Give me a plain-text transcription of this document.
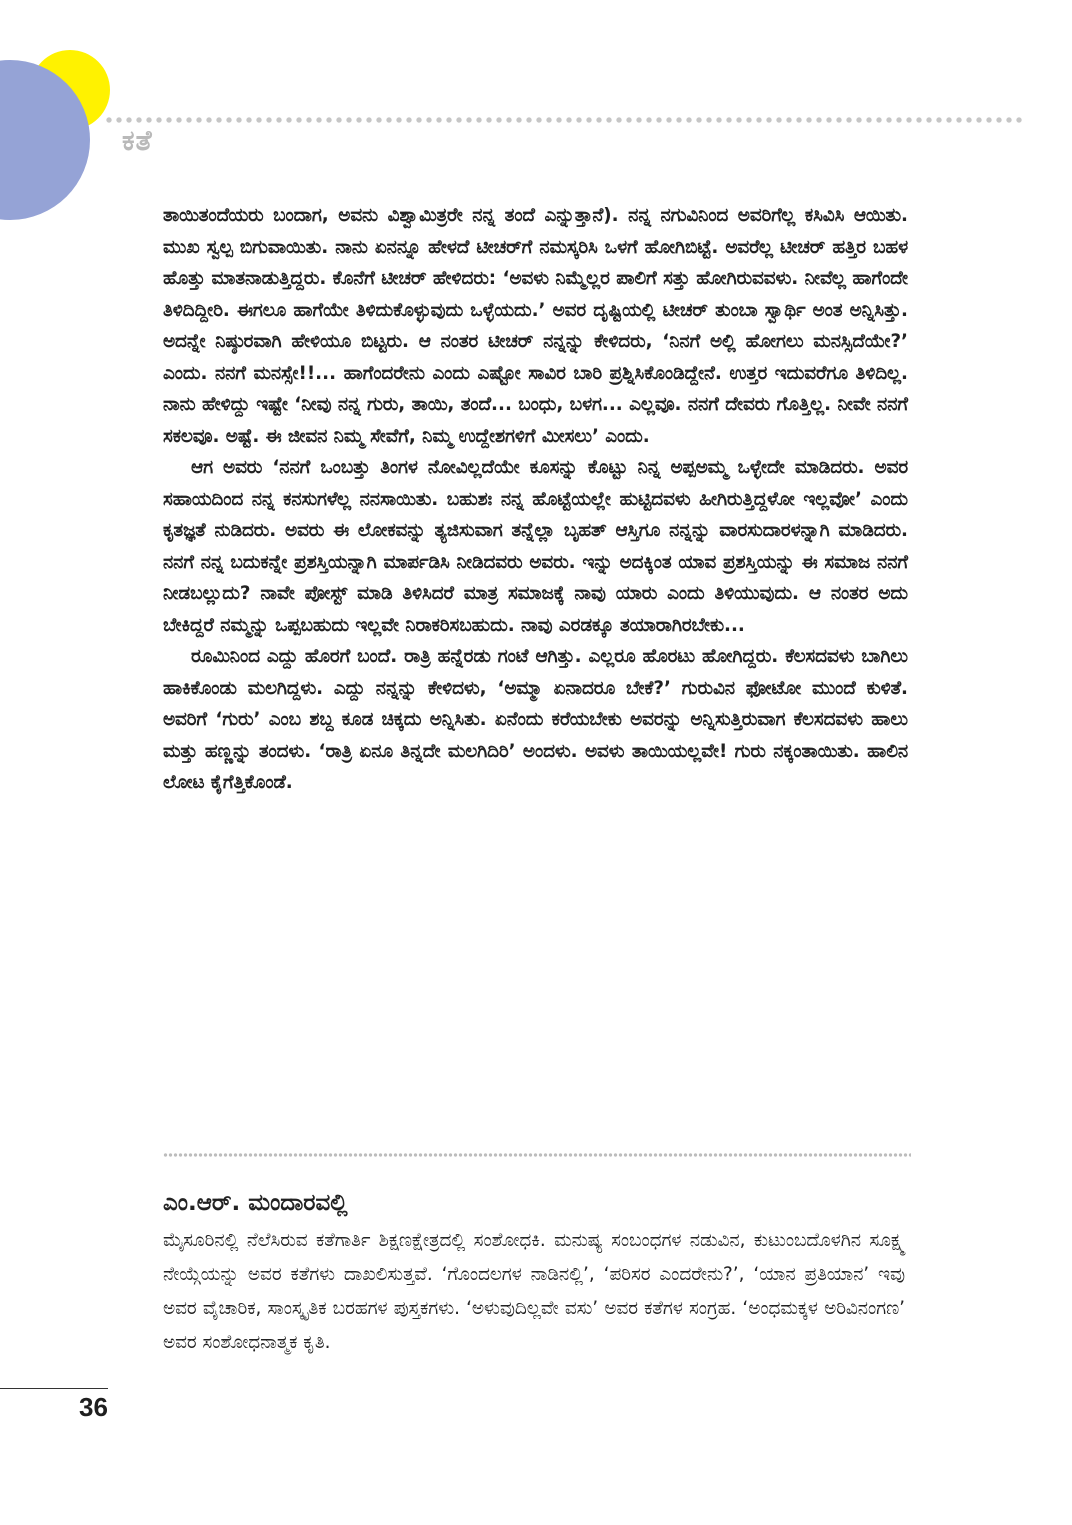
ಕತೆ

ತಾಯಿತಂದೆಯರು ಬಂದಾಗ, ಅವನು ವಿಶ್ವಾಮಿತ್ರರೇ ನನ್ನ ತಂದೆ ಎನ್ನುತ್ತಾನೆ). ನನ್ನ ನಗುವಿನಿಂದ ಅವರಿಗೆಲ್ಲ ಕಸಿವಿಸಿ ಆಯಿತು. ಮುಖ ಸ್ವಲ್ಪ ಬಿಗುವಾಯಿತು. ನಾನು ಏನನ್ನೂ ಹೇಳದೆ ಟೀಚರ್‌ಗೆ ನಮಸ್ಕರಿಸಿ ಒಳಗೆ ಹೋಗಿಬಿಟ್ಟೆ. ಅವರೆಲ್ಲ ಟೀಚರ್ ಹತ್ತಿರ ಬಹಳ ಹೊತ್ತು ಮಾತನಾಡುತ್ತಿದ್ದರು. ಕೊನೆಗೆ ಟೀಚರ್ ಹೇಳಿದರು: ‘ಅವಳು ನಿಮ್ಮೆಲ್ಲರ ಪಾಲಿಗೆ ಸತ್ತು ಹೋಗಿರುವವಳು. ನೀವೆಲ್ಲ ಹಾಗೆಂದೇ ತಿಳಿದಿದ್ದೀರಿ. ಈಗಲೂ ಹಾಗೆಯೇ ತಿಳಿದುಕೊಳ್ಳುವುದು ಒಳ್ಳೆಯದು.’ ಅವರ ದೃಷ್ಟಿಯಲ್ಲಿ ಟೀಚರ್ ತುಂಬಾ ಸ್ವಾರ್ಥಿ ಅಂತ ಅನ್ನಿಸಿತ್ತು. ಅದನ್ನೇ ನಿಷ್ಠುರವಾಗಿ ಹೇಳಿಯೂ ಬಿಟ್ಟರು. ಆ ನಂತರ ಟೀಚರ್ ನನ್ನನ್ನು ಕೇಳಿದರು, ‘ನಿನಗೆ ಅಲ್ಲಿ ಹೋಗಲು ಮನಸ್ಸಿದೆಯೇ?’ ಎಂದು. ನನಗೆ ಮನಸ್ಸೇ!!... ಹಾಗೆಂದರೇನು ಎಂದು ಎಷ್ಟೋ ಸಾವಿರ ಬಾರಿ ಪ್ರಶ್ನಿಸಿಕೊಂಡಿದ್ದೇನೆ. ಉತ್ತರ ಇದುವರೆಗೂ ತಿಳಿದಿಲ್ಲ. ನಾನು ಹೇಳಿದ್ದು ಇಷ್ಟೇ ‘ನೀವು ನನ್ನ ಗುರು, ತಾಯಿ, ತಂದೆ... ಬಂಧು, ಬಳಗ... ಎಲ್ಲವೂ. ನನಗೆ ದೇವರು ಗೊತ್ತಿಲ್ಲ. ನೀವೇ ನನಗೆ ಸಕಲವೂ. ಅಷ್ಟೆ. ಈ ಜೀವನ ನಿಮ್ಮ ಸೇವೆಗೆ, ನಿಮ್ಮ ಉದ್ದೇಶಗಳಿಗೆ ಮೀಸಲು’ ಎಂದು.

ಆಗ ಅವರು ‘ನನಗೆ ಒಂಬತ್ತು ತಿಂಗಳ ನೋವಿಲ್ಲದೆಯೇ ಕೂಸನ್ನು ಕೊಟ್ಟು ನಿನ್ನ ಅಪ್ಪಅಮ್ಮ ಒಳ್ಳೇದೇ ಮಾಡಿದರು. ಅವರ ಸಹಾಯದಿಂದ ನನ್ನ ಕನಸುಗಳೆಲ್ಲ ನನಸಾಯಿತು. ಬಹುಶಃ ನನ್ನ ಹೊಟ್ಟೆಯಲ್ಲೇ ಹುಟ್ಟಿದವಳು ಹೀಗಿರುತ್ತಿದ್ದಳೋ ಇಲ್ಲವೋ’ ಎಂದು ಕೃತಜ್ಞತೆ ನುಡಿದರು. ಅವರು ಈ ಲೋಕವನ್ನು ತ್ಯಜಿಸುವಾಗ ತನ್ನೆಲ್ಲಾ ಬೃಹತ್ ಆಸ್ತಿಗೂ ನನ್ನನ್ನು ವಾರಸುದಾರಳನ್ನಾಗಿ ಮಾಡಿದರು. ನನಗೆ ನನ್ನ ಬದುಕನ್ನೇ ಪ್ರಶಸ್ತಿಯನ್ನಾಗಿ ಮಾರ್ಪಡಿಸಿ ನೀಡಿದವರು ಅವರು. ಇನ್ನು ಅದಕ್ಕಿಂತ ಯಾವ ಪ್ರಶಸ್ತಿಯನ್ನು ಈ ಸಮಾಜ ನನಗೆ ನೀಡಬಲ್ಲುದು? ನಾವೇ ಪೋಸ್ಟ್ ಮಾಡಿ ತಿಳಿಸಿದರೆ ಮಾತ್ರ ಸಮಾಜಕ್ಕೆ ನಾವು ಯಾರು ಎಂದು ತಿಳಿಯುವುದು. ಆ ನಂತರ ಅದು ಬೇಕಿದ್ದರೆ ನಮ್ಮನ್ನು ಒಪ್ಪಬಹುದು ಇಲ್ಲವೇ ನಿರಾಕರಿಸಬಹುದು. ನಾವು ಎರಡಕ್ಕೂ ತಯಾರಾಗಿರಬೇಕು...

ರೂಮಿನಿಂದ ಎದ್ದು ಹೊರಗೆ ಬಂದೆ. ರಾತ್ರಿ ಹನ್ನೆರಡು ಗಂಟೆ ಆಗಿತ್ತು. ಎಲ್ಲರೂ ಹೊರಟು ಹೋಗಿದ್ದರು. ಕೆಲಸದವಳು ಬಾಗಿಲು ಹಾಕಿಕೊಂಡು ಮಲಗಿದ್ದಳು. ಎದ್ದು ನನ್ನನ್ನು ಕೇಳಿದಳು, ‘ಅಮ್ಮಾ ಏನಾದರೂ ಬೇಕೆ?’ ಗುರುವಿನ ಫೋಟೋ ಮುಂದೆ ಕುಳಿತೆ. ಅವರಿಗೆ ‘ಗುರು’ ಎಂಬ ಶಬ್ದ ಕೂಡ ಚಿಕ್ಕದು ಅನ್ನಿಸಿತು. ಏನೆಂದು ಕರೆಯಬೇಕು ಅವರನ್ನು ಅನ್ನಿಸುತ್ತಿರುವಾಗ ಕೆಲಸದವಳು ಹಾಲು ಮತ್ತು ಹಣ್ಣನ್ನು ತಂದಳು. ‘ರಾತ್ರಿ ಏನೂ ತಿನ್ನದೇ ಮಲಗಿದಿರಿ’ ಅಂದಳು. ಅವಳು ತಾಯಿಯಲ್ಲವೇ! ಗುರು ನಕ್ಕಂತಾಯಿತು. ಹಾಲಿನ ಲೋಟ ಕೈಗೆತ್ತಿಕೊಂಡೆ.

ಎಂ.ಆರ್. ಮಂದಾರವಲ್ಲಿ
ಮೈಸೂರಿನಲ್ಲಿ ನೆಲೆಸಿರುವ ಕತೆಗಾರ್ತಿ ಶಿಕ್ಷಣಕ್ಷೇತ್ರದಲ್ಲಿ ಸಂಶೋಧಕಿ. ಮನುಷ್ಯ ಸಂಬಂಧಗಳ ನಡುವಿನ, ಕುಟುಂಬದೊಳಗಿನ ಸೂಕ್ಷ್ಮ ನೇಯ್ಗೆಯನ್ನು ಅವರ ಕತೆಗಳು ದಾಖಲಿಸುತ್ತವೆ. ‘ಗೊಂದಲಗಳ ನಾಡಿನಲ್ಲಿ’, ‘ಪರಿಸರ ಎಂದರೇನು?’, ‘ಯಾನ ಪ್ರತಿಯಾನ’ ಇವು ಅವರ ವೈಚಾರಿಕ, ಸಾಂಸ್ಕೃತಿಕ ಬರಹಗಳ ಪುಸ್ತಕಗಳು. ‘ಅಳುವುದಿಲ್ಲವೇ ವಸು’ ಅವರ ಕತೆಗಳ ಸಂಗ್ರಹ. ‘ಅಂಧಮಕ್ಕಳ ಅರಿವಿನಂಗಣ’ ಅವರ ಸಂಶೋಧನಾತ್ಮಕ ಕೃತಿ.
36
